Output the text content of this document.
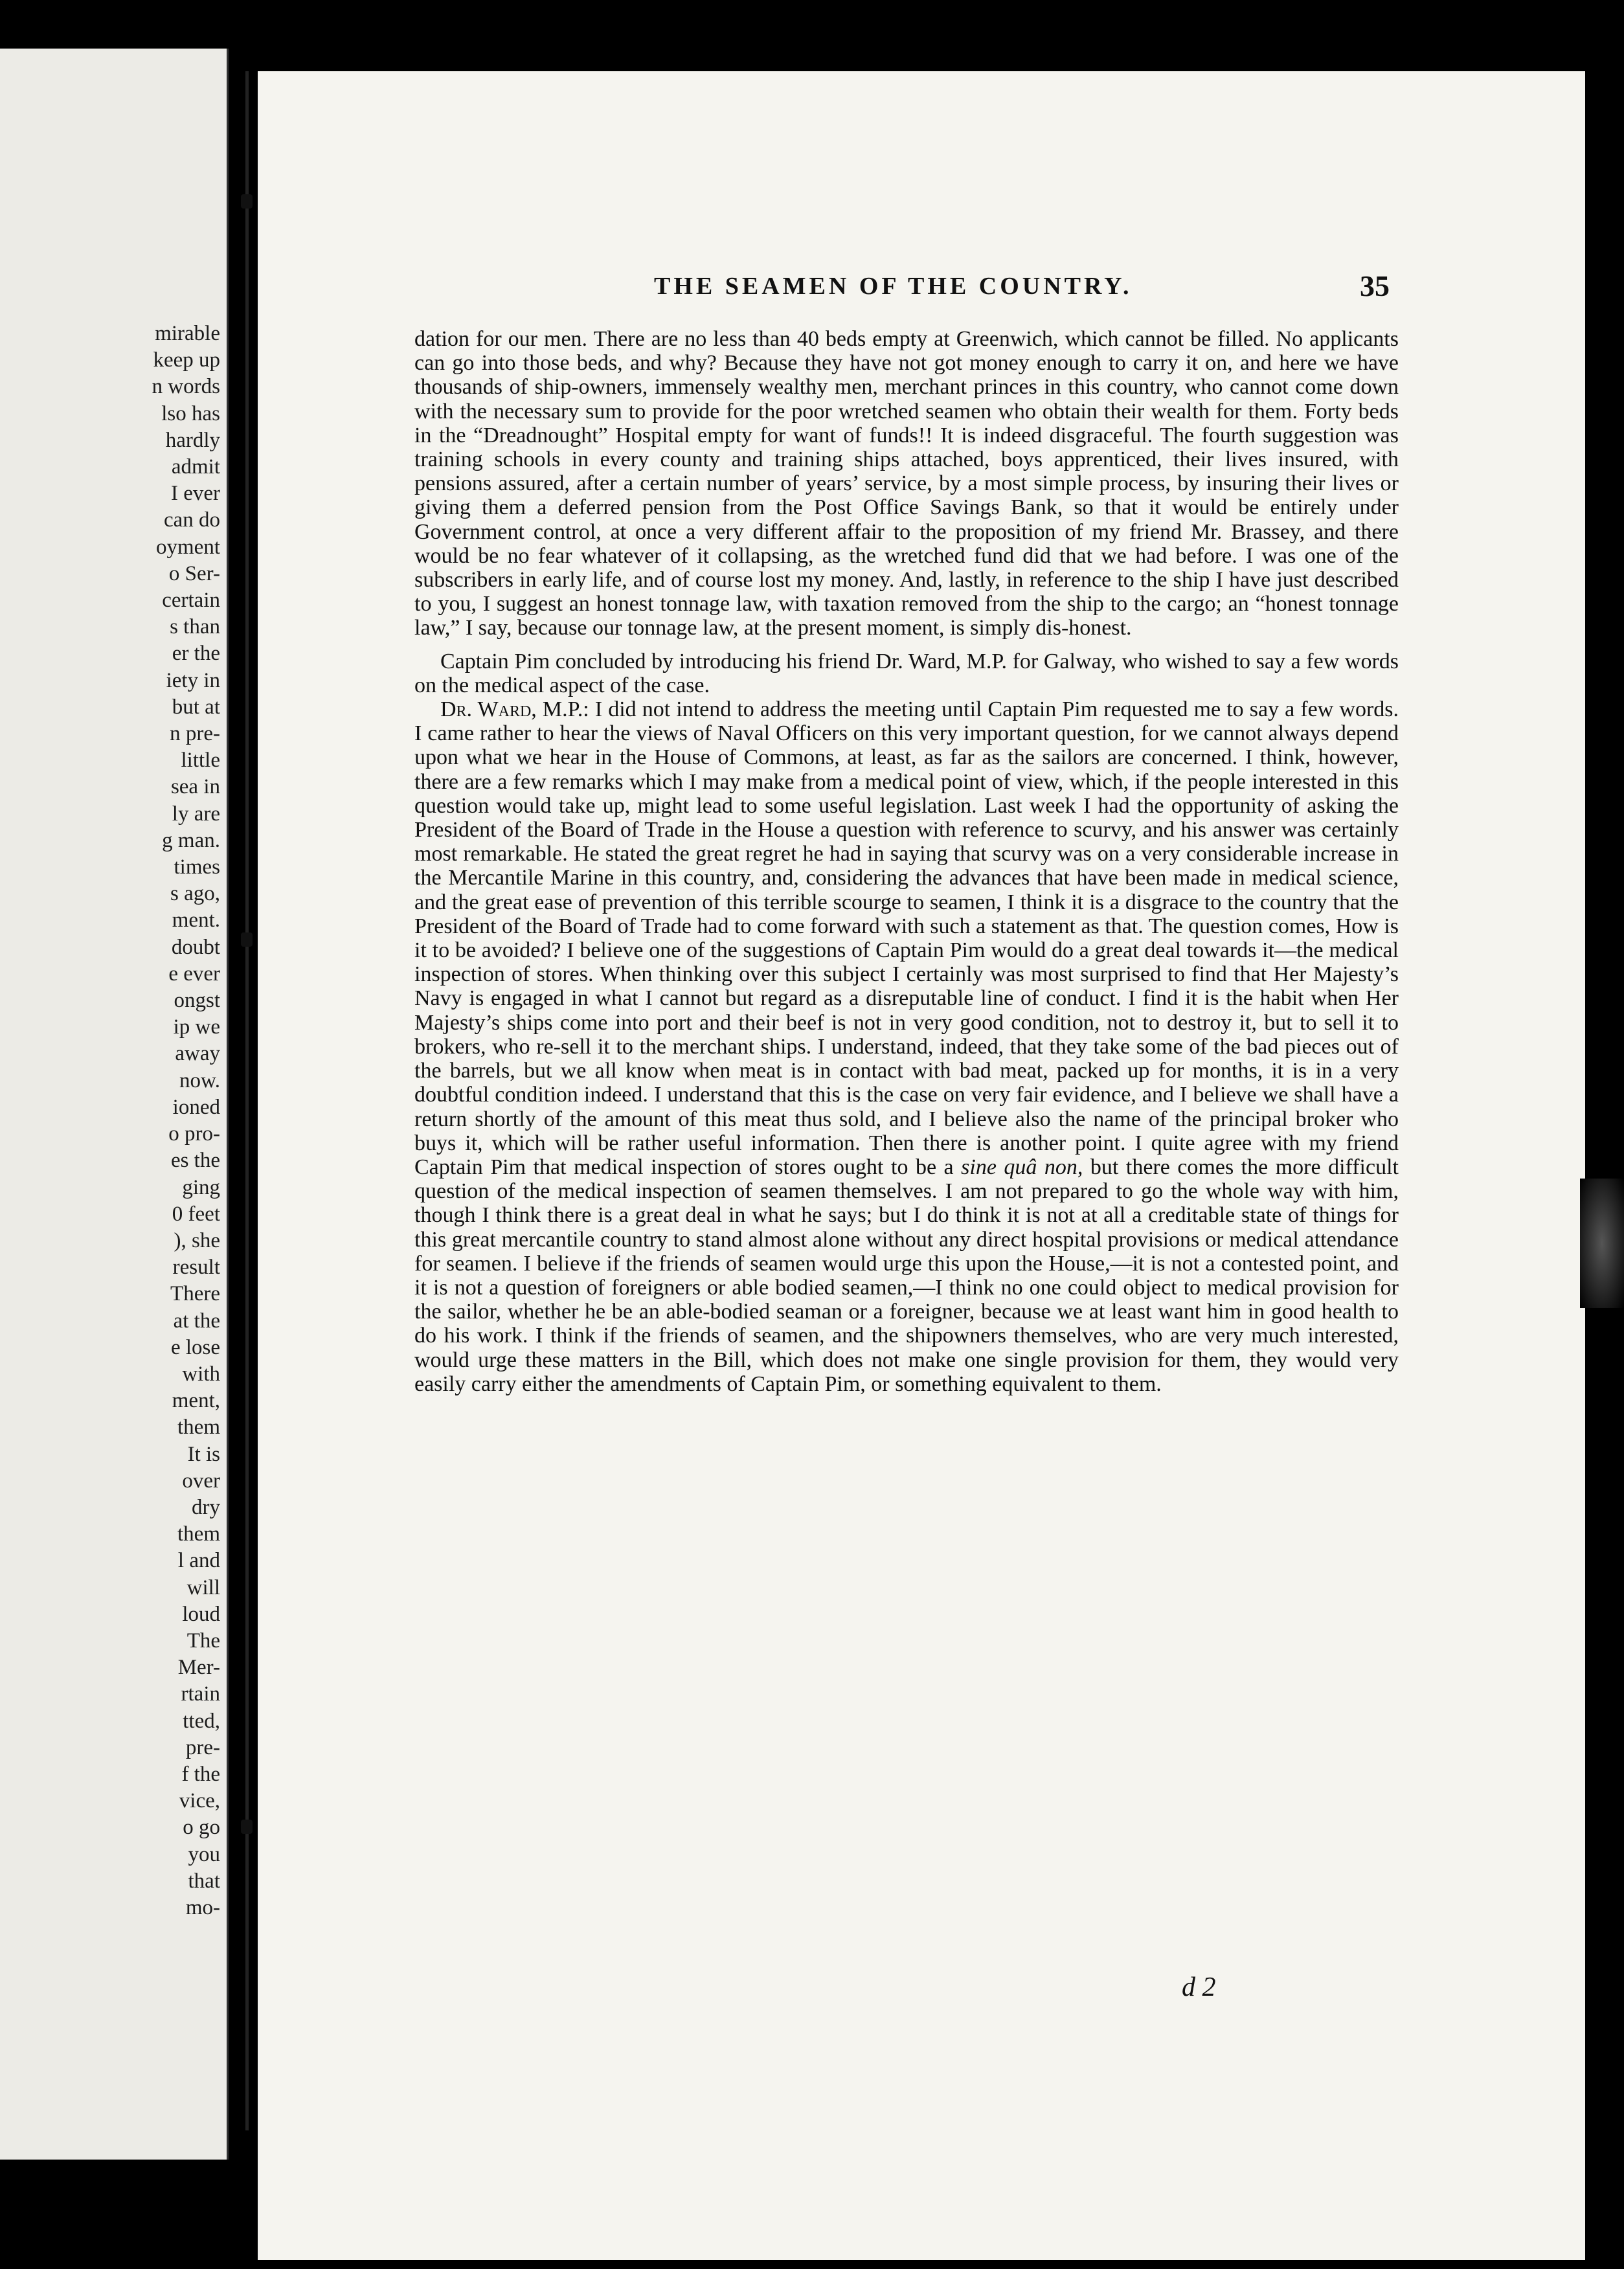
mirable
keep up
n words
lso has
hardly
admit
I ever
can do
oyment
o Ser-
certain
s than
er the
iety in
but at
n pre-
little
sea in
ly are
g man.
times
s ago,
ment.
doubt
e ever
ongst
ip we
away
now.
ioned
o pro-
es the
ging
0 feet
), she
result
There
at the
e lose
with
ment,
them
It is
over
dry
them
l and
will
loud
The
Mer-
rtain
tted,
pre-
f the
vice,
o go
you
that
mo-
THE SEAMEN OF THE COUNTRY.	35

dation for our men. There are no less than 40 beds empty at Greenwich, which cannot be filled. No applicants can go into those beds, and why? Because they have not got money enough to carry it on, and here we have thousands of ship-owners, immensely wealthy men, merchant princes in this country, who cannot come down with the necessary sum to provide for the poor wretched seamen who obtain their wealth for them. Forty beds in the “Dreadnought” Hospital empty for want of funds!! It is indeed disgraceful. The fourth suggestion was training schools in every county and training ships attached, boys apprenticed, their lives insured, with pensions assured, after a certain number of years’ service, by a most simple process, by insuring their lives or giving them a deferred pension from the Post Office Savings Bank, so that it would be entirely under Government control, at once a very different affair to the proposition of my friend Mr. Brassey, and there would be no fear whatever of it collapsing, as the wretched fund did that we had before. I was one of the subscribers in early life, and of course lost my money. And, lastly, in reference to the ship I have just described to you, I suggest an honest tonnage law, with taxation removed from the ship to the cargo; an “honest tonnage law,” I say, because our tonnage law, at the present moment, is simply dis-honest.

Captain Pim concluded by introducing his friend Dr. Ward, M.P. for Galway, who wished to say a few words on the medical aspect of the case.

Dr. Ward, M.P.: I did not intend to address the meeting until Captain Pim requested me to say a few words. I came rather to hear the views of Naval Officers on this very important question, for we cannot always depend upon what we hear in the House of Commons, at least, as far as the sailors are concerned. I think, however, there are a few remarks which I may make from a medical point of view, which, if the people interested in this question would take up, might lead to some useful legislation. Last week I had the opportunity of asking the President of the Board of Trade in the House a question with reference to scurvy, and his answer was certainly most remarkable. He stated the great regret he had in saying that scurvy was on a very considerable increase in the Mercantile Marine in this country, and, considering the advances that have been made in medical science, and the great ease of prevention of this terrible scourge to seamen, I think it is a disgrace to the country that the President of the Board of Trade had to come forward with such a statement as that. The question comes, How is it to be avoided? I believe one of the suggestions of Captain Pim would do a great deal towards it—the medical inspection of stores. When thinking over this subject I certainly was most surprised to find that Her Majesty’s Navy is engaged in what I cannot but regard as a disreputable line of conduct. I find it is the habit when Her Majesty’s ships come into port and their beef is not in very good condition, not to destroy it, but to sell it to brokers, who re-sell it to the merchant ships. I understand, indeed, that they take some of the bad pieces out of the barrels, but we all know when meat is in contact with bad meat, packed up for months, it is in a very doubtful condition indeed. I understand that this is the case on very fair evidence, and I believe we shall have a return shortly of the amount of this meat thus sold, and I believe also the name of the principal broker who buys it, which will be rather useful information. Then there is another point. I quite agree with my friend Captain Pim that medical inspection of stores ought to be a sine quâ non, but there comes the more difficult question of the medical inspection of seamen themselves. I am not prepared to go the whole way with him, though I think there is a great deal in what he says; but I do think it is not at all a creditable state of things for this great mercantile country to stand almost alone without any direct hospital provisions or medical attendance for seamen. I believe if the friends of seamen would urge this upon the House,—it is not a contested point, and it is not a question of foreigners or able bodied seamen,—I think no one could object to medical provision for the sailor, whether he be an able-bodied seaman or a foreigner, because we at least want him in good health to do his work. I think if the friends of seamen, and the shipowners themselves, who are very much interested, would urge these matters in the Bill, which does not make one single provision for them, they would very easily carry either the amendments of Captain Pim, or something equivalent to them.

d 2
